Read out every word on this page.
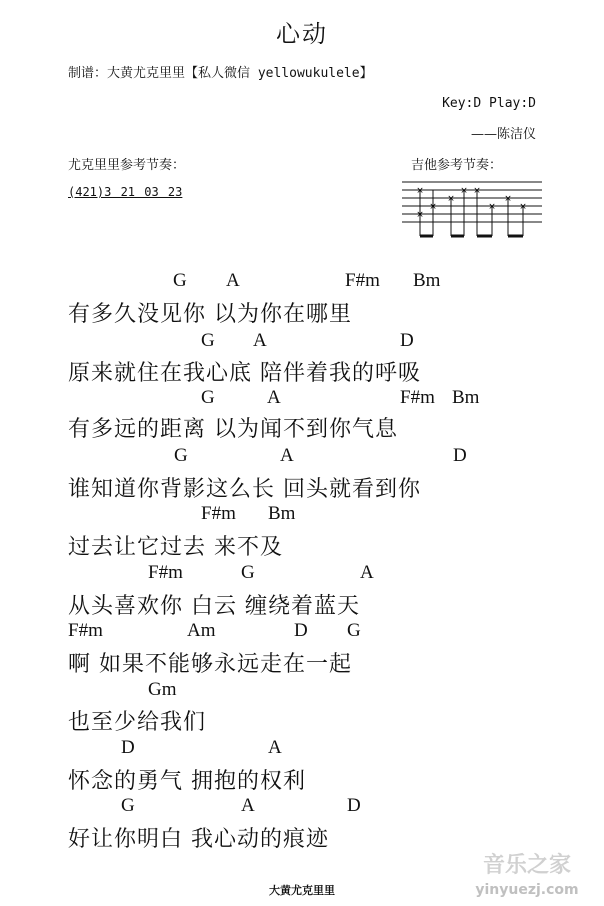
心动
制谱：大黄尤克里里【私人微信 yellowukulele】
Key:D Play:D
——陈洁仪
尤克里里参考节奏：
(421)3 21 03 23
吉他参考节奏：
×
×
×
×
× ×
×
×
×
G A	F#m Bm
有多久没见你 以为你在哪里
G A	D
原来就住在我心底 陪伴着我的呼吸
G	A	F#m Bm
有多远的距离 以为闻不到你气息
G	A	D
谁知道你背影这么长 回头就看到你
F#m Bm
过去让它过去 来不及
F#m	G	A
从头喜欢你 白云 缠绕着蓝天
F#m	Am	D G
啊 如果不能够永远走在一起
Gm
也至少给我们
D	A
怀念的勇气 拥抱的权利
G	A	D
好让你明白 我心动的痕迹
大黄尤克里里
音乐之家
yinyuezj.com
